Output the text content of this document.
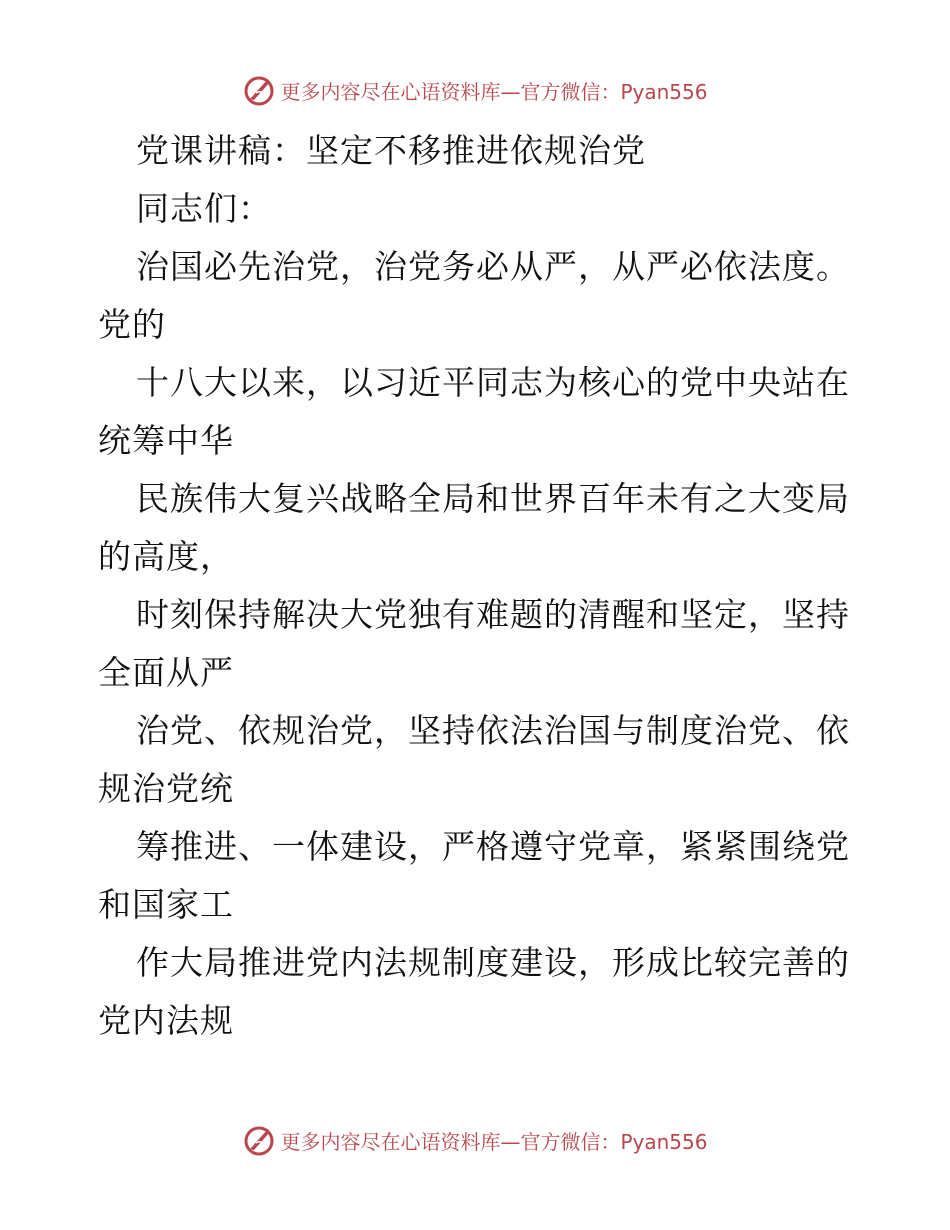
更多内容尽在心语资料库—官方微信：Pyan556
党课讲稿：坚定不移推进依规治党
同志们：
治国必先治党，治党务必从严，从严必依法度。
党的
十八大以来，以习近平同志为核心的党中央站在
统筹中华
民族伟大复兴战略全局和世界百年未有之大变局
的高度，
时刻保持解决大党独有难题的清醒和坚定，坚持
全面从严
治党、依规治党，坚持依法治国与制度治党、依
规治党统
筹推进、一体建设，严格遵守党章，紧紧围绕党
和国家工
作大局推进党内法规制度建设，形成比较完善的
党内法规
更多内容尽在心语资料库—官方微信：Pyan556
